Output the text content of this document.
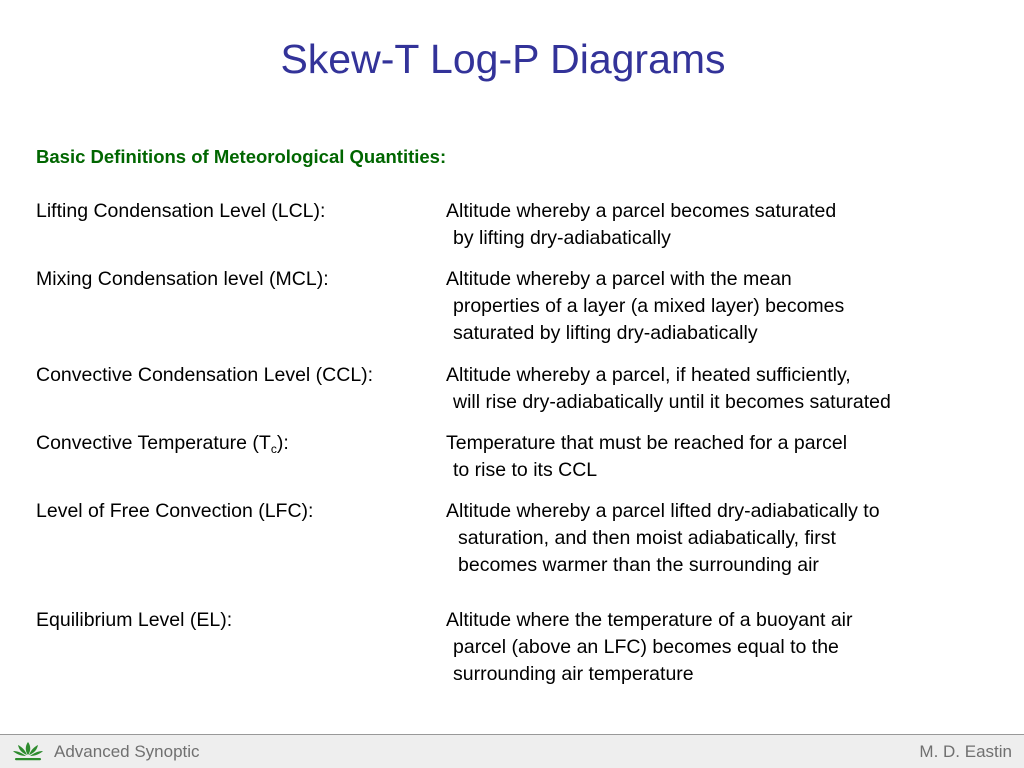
Skew-T Log-P Diagrams
Basic Definitions of Meteorological Quantities:
Lifting Condensation Level (LCL):	Altitude whereby a parcel becomes saturated
by lifting dry-adiabatically
Mixing Condensation level (MCL):	Altitude whereby a parcel with the mean
properties of a layer (a mixed layer) becomes
saturated by lifting dry-adiabatically
Convective Condensation Level (CCL):	Altitude whereby a parcel, if heated sufficiently,
will rise dry-adiabatically until it becomes saturated
Convective Temperature $(T_c)$:	Temperature that must be reached for a parcel
to rise to its CCL
Level of Free Convection (LFC):	Altitude whereby a parcel lifted dry-adiabatically to
saturation, and then moist adiabatically, first
becomes warmer than the surrounding air
Equilibrium Level (EL):	Altitude where the temperature of a buoyant air
parcel (above an LFC) becomes equal to the
surrounding air temperature
Advanced Synoptic	M. D. Eastin
